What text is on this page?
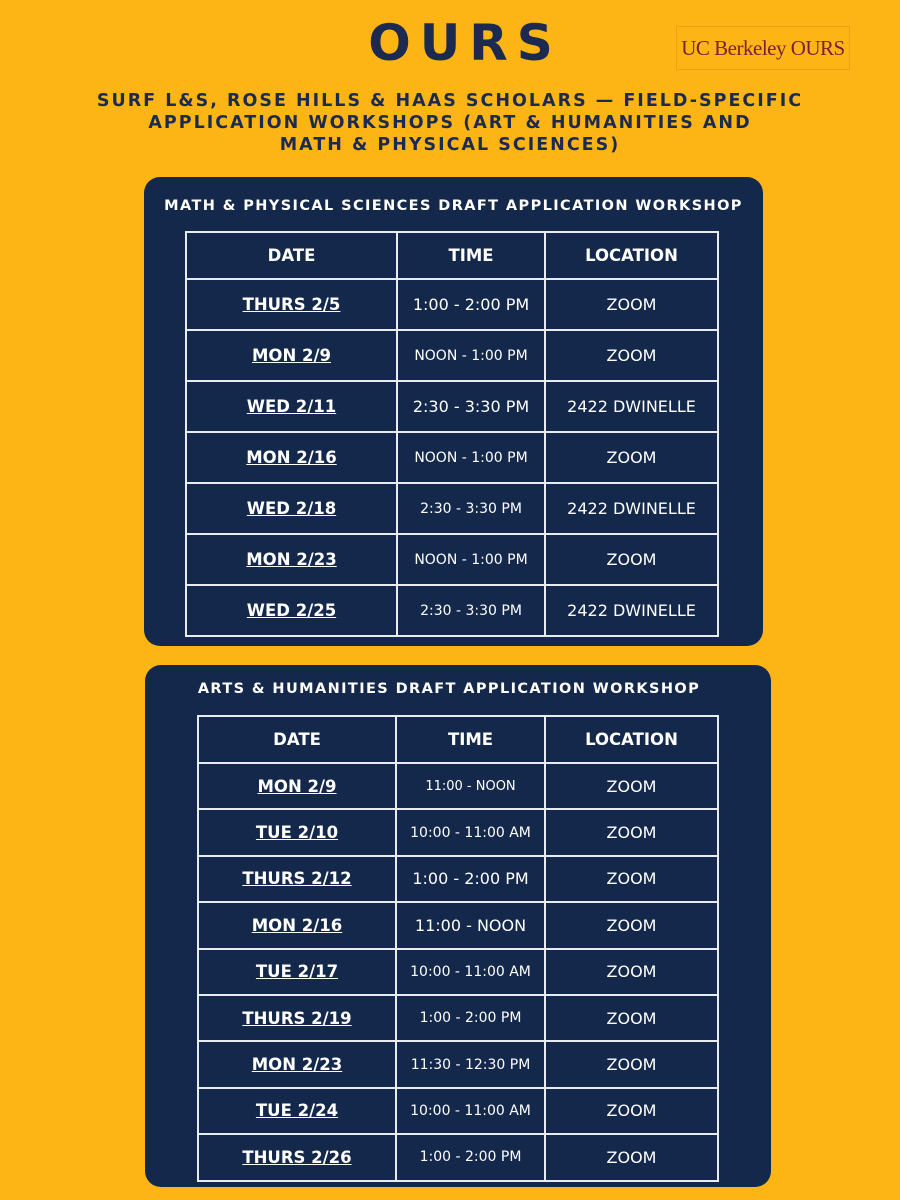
OURS	UC Berkeley OURS
SURF L&S, ROSE HILLS & HAAS SCHOLARS — FIELD-SPECIFIC
APPLICATION WORKSHOPS (ART & HUMANITIES AND
MATH & PHYSICAL SCIENCES)
MATH & PHYSICAL SCIENCES DRAFT APPLICATION WORKSHOP
DATE	TIME	LOCATION
THURS 2/5	1:00 - 2:00 PM	ZOOM
MON 2/9	NOON - 1:00 PM	ZOOM
WED 2/11	2:30 - 3:30 PM	2422 DWINELLE
MON 2/16	NOON - 1:00 PM	ZOOM
WED 2/18	2:30 - 3:30 PM	2422 DWINELLE
MON 2/23	NOON - 1:00 PM	ZOOM
WED 2/25	2:30 - 3:30 PM	2422 DWINELLE
ARTS & HUMANITIES DRAFT APPLICATION WORKSHOP
DATE	TIME	LOCATION
MON 2/9	11:00 - NOON	ZOOM
TUE 2/10	10:00 - 11:00 AM	ZOOM
THURS 2/12	1:00 - 2:00 PM	ZOOM
MON 2/16	11:00 - NOON	ZOOM
TUE 2/17	10:00 - 11:00 AM	ZOOM
THURS 2/19	1:00 - 2:00 PM	ZOOM
MON 2/23	11:30 - 12:30 PM	ZOOM
TUE 2/24	10:00 - 11:00 AM	ZOOM
THURS 2/26	1:00 - 2:00 PM	ZOOM
